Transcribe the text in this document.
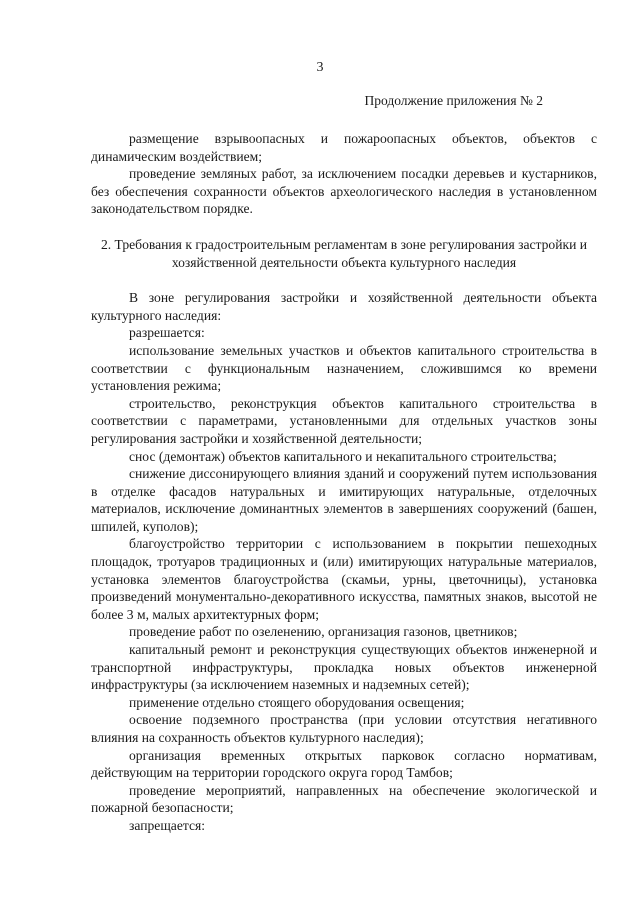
3
Продолжение приложения № 2

размещение взрывоопасных и пожароопасных объектов, объектов с динамическим воздействием;

проведение земляных работ, за исключением посадки деревьев и кустарников, без обеспечения сохранности объектов археологического наследия в установленном законодательством порядке.

2. Требования к градостроительным регламентам в зоне регулирования застройки и хозяйственной деятельности объекта культурного наследия

В зоне регулирования застройки и хозяйственной деятельности объекта культурного наследия:

разрешается:

использование земельных участков и объектов капитального строительства в соответствии с функциональным назначением, сложившимся ко времени установления режима;

строительство, реконструкция объектов капитального строительства в соответствии с параметрами, установленными для отдельных участков зоны регулирования застройки и хозяйственной деятельности;

снос (демонтаж) объектов капитального и некапитального строительства;

снижение диссонирующего влияния зданий и сооружений путем использования в отделке фасадов натуральных и имитирующих натуральные, отделочных материалов, исключение доминантных элементов в завершениях сооружений (башен, шпилей, куполов);

благоустройство территории с использованием в покрытии пешеходных площадок, тротуаров традиционных и (или) имитирующих натуральные материалов, установка элементов благоустройства (скамьи, урны, цветочницы), установка произведений монументально-декоративного искусства, памятных знаков, высотой не более 3 м, малых архитектурных форм;

проведение работ по озеленению, организация газонов, цветников;

капитальный ремонт и реконструкция существующих объектов инженерной и транспортной инфраструктуры, прокладка новых объектов инженерной инфраструктуры (за исключением наземных и надземных сетей);

применение отдельно стоящего оборудования освещения;

освоение подземного пространства (при условии отсутствия негативного влияния на сохранность объектов культурного наследия);

организация временных открытых парковок согласно нормативам, действующим на территории городского округа город Тамбов;

проведение мероприятий, направленных на обеспечение экологической и пожарной безопасности;

запрещается:
